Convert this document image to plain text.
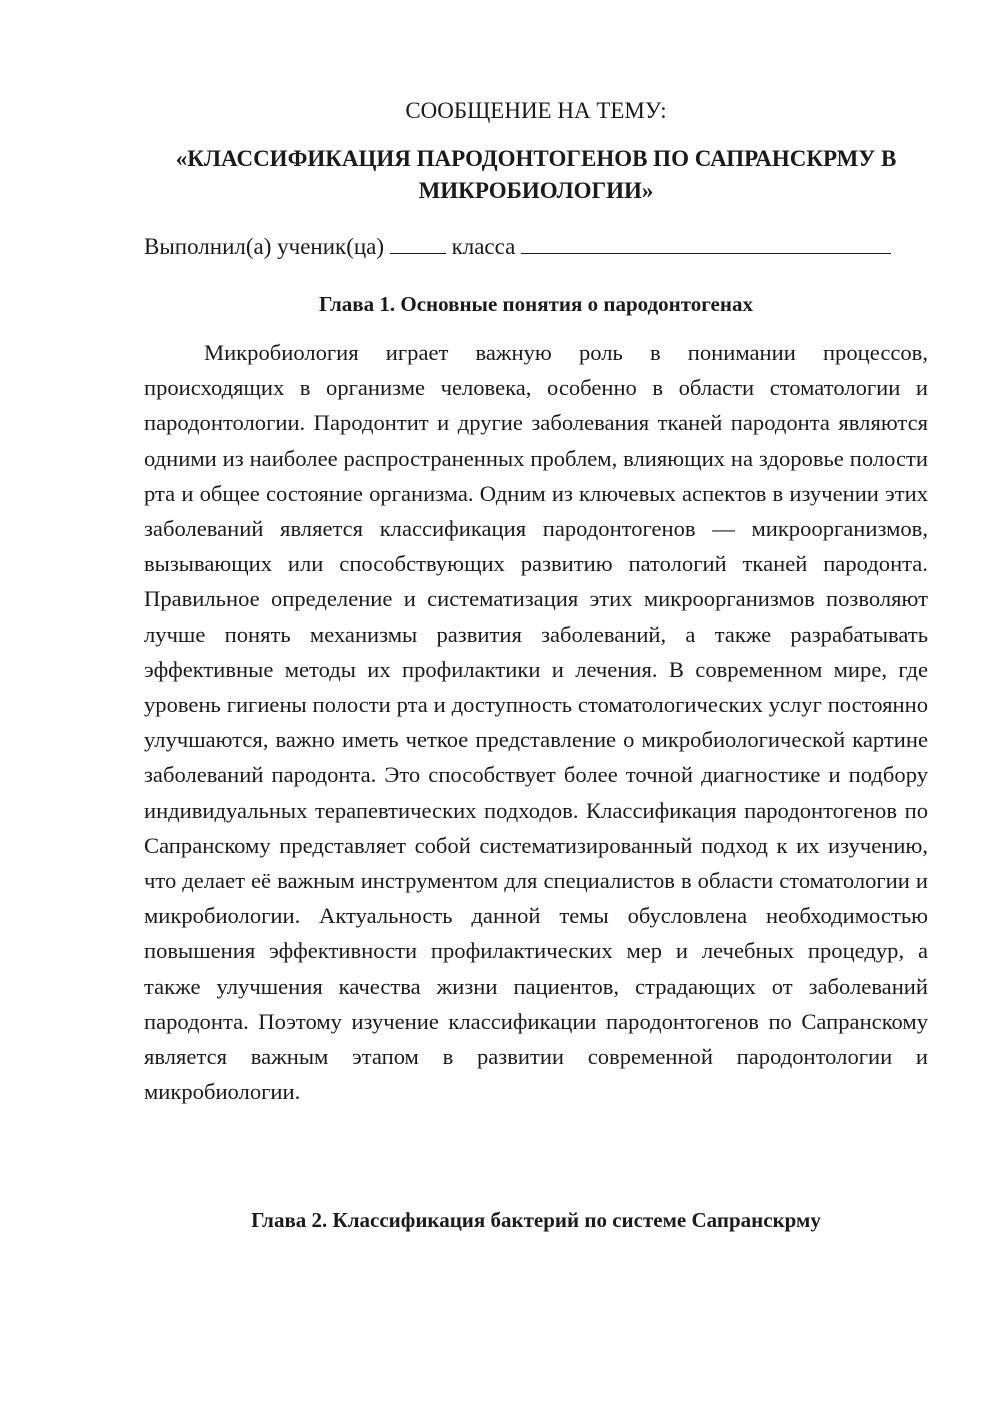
СООБЩЕНИЕ НА ТЕМУ:
«КЛАССИФИКАЦИЯ ПАРОДОНТОГЕНОВ ПО САПРАНСКРМУ В МИКРОБИОЛОГИИ»
Выполнил(а) ученик(ца)	класса
Глава 1. Основные понятия о пародонтогенах

Микробиология играет важную роль в понимании процессов, происходящих в организме человека, особенно в области стоматологии и пародонтологии. Пародонтит и другие заболевания тканей пародонта являются одними из наиболее распространенных проблем, влияющих на здоровье полости рта и общее состояние организма. Одним из ключевых аспектов в изучении этих заболеваний является классификация пародонтогенов — микроорганизмов, вызывающих или способствующих развитию патологий тканей пародонта. Правильное определение и систематизация этих микроорганизмов позволяют лучше понять механизмы развития заболеваний, а также разрабатывать эффективные методы их профилактики и лечения. В современном мире, где уровень гигиены полости рта и доступность стоматологических услуг постоянно улучшаются, важно иметь четкое представление о микробиологической картине заболеваний пародонта. Это способствует более точной диагностике и подбору индивидуальных терапевтических подходов. Классификация пародонтогенов по Сапранскому представляет собой систематизированный подход к их изучению, что делает её важным инструментом для специалистов в области стоматологии и микробиологии. Актуальность данной темы обусловлена необходимостью повышения эффективности профилактических мер и лечебных процедур, а также улучшения качества жизни пациентов, страдающих от заболеваний пародонта. Поэтому изучение классификации пародонтогенов по Сапранскому является важным этапом в развитии современной пародонтологии и микробиологии.

Глава 2. Классификация бактерий по системе Сапранскрму
